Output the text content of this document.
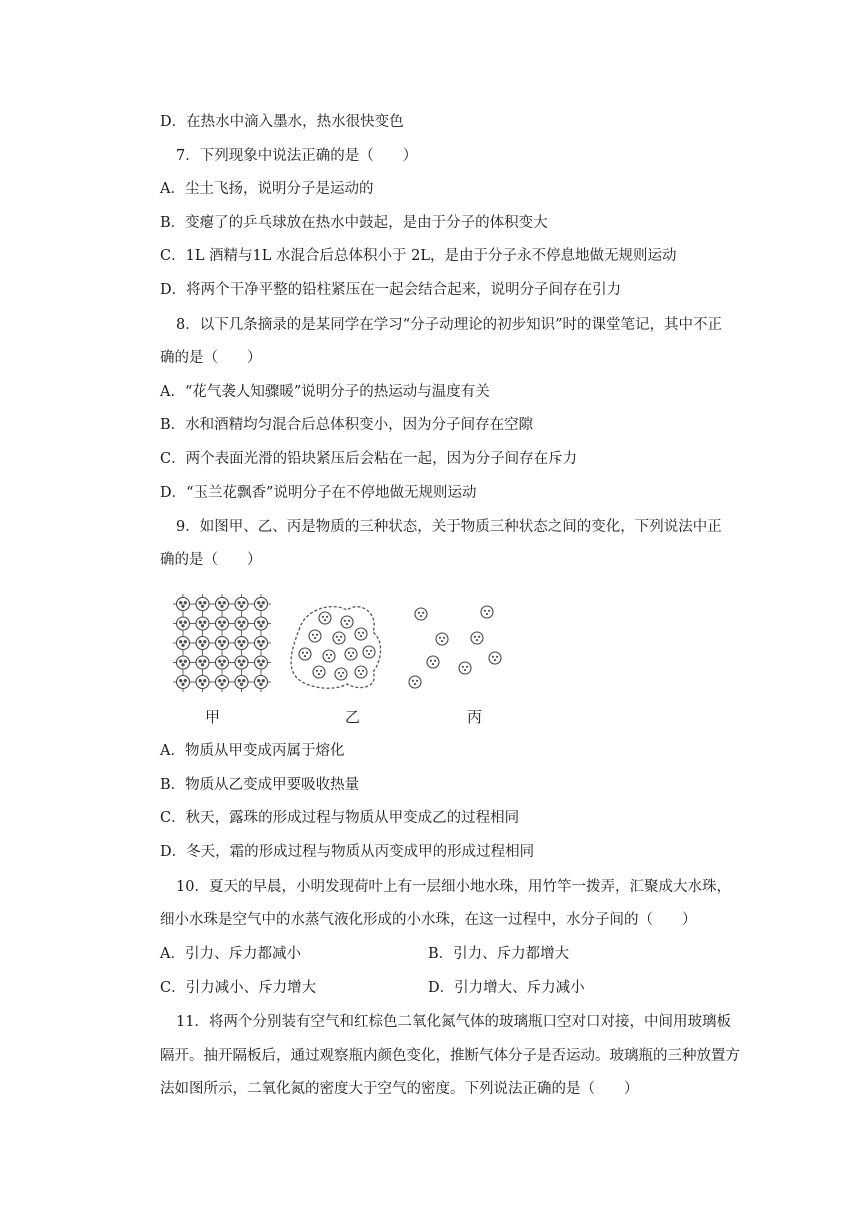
D．在热水中滴入墨水，热水很快变色
7．下列现象中说法正确的是（　　）
A．尘土飞扬，说明分子是运动的
B．变瘪了的乒乓球放在热水中鼓起，是由于分子的体积变大
C．1L 酒精与1L 水混合后总体积小于 2L，是由于分子永不停息地做无规则运动
D．将两个干净平整的铅柱紧压在一起会结合起来，说明分子间存在引力
8．以下几条摘录的是某同学在学习“分子动理论的初步知识”时的课堂笔记，其中不正
确的是（　　）
A．“花气袭人知骤暖”说明分子的热运动与温度有关
B．水和酒精均匀混合后总体积变小，因为分子间存在空隙
C．两个表面光滑的铅块紧压后会粘在一起，因为分子间存在斥力
D．“玉兰花飘香”说明分子在不停地做无规则运动
9．如图甲、乙、丙是物质的三种状态，关于物质三种状态之间的变化，下列说法中正
确的是（　　）
甲	乙	丙
A．物质从甲变成丙属于熔化
B．物质从乙变成甲要吸收热量
C．秋天，露珠的形成过程与物质从甲变成乙的过程相同
D．冬天，霜的形成过程与物质从丙变成甲的形成过程相同
10．夏天的早晨，小明发现荷叶上有一层细小地水珠，用竹竿一拨弄，汇聚成大水珠，
细小水珠是空气中的水蒸气液化形成的小水珠，在这一过程中，水分子间的（　　）
A．引力、斥力都减小	B．引力、斥力都增大
C．引力减小、斥力增大	D．引力增大、斥力减小
11．将两个分别装有空气和红棕色二氧化氮气体的玻璃瓶口空对口对接，中间用玻璃板
隔开。抽开隔板后，通过观察瓶内颜色变化，推断气体分子是否运动。玻璃瓶的三种放置方
法如图所示，二氧化氮的密度大于空气的密度。下列说法正确的是（　　）
